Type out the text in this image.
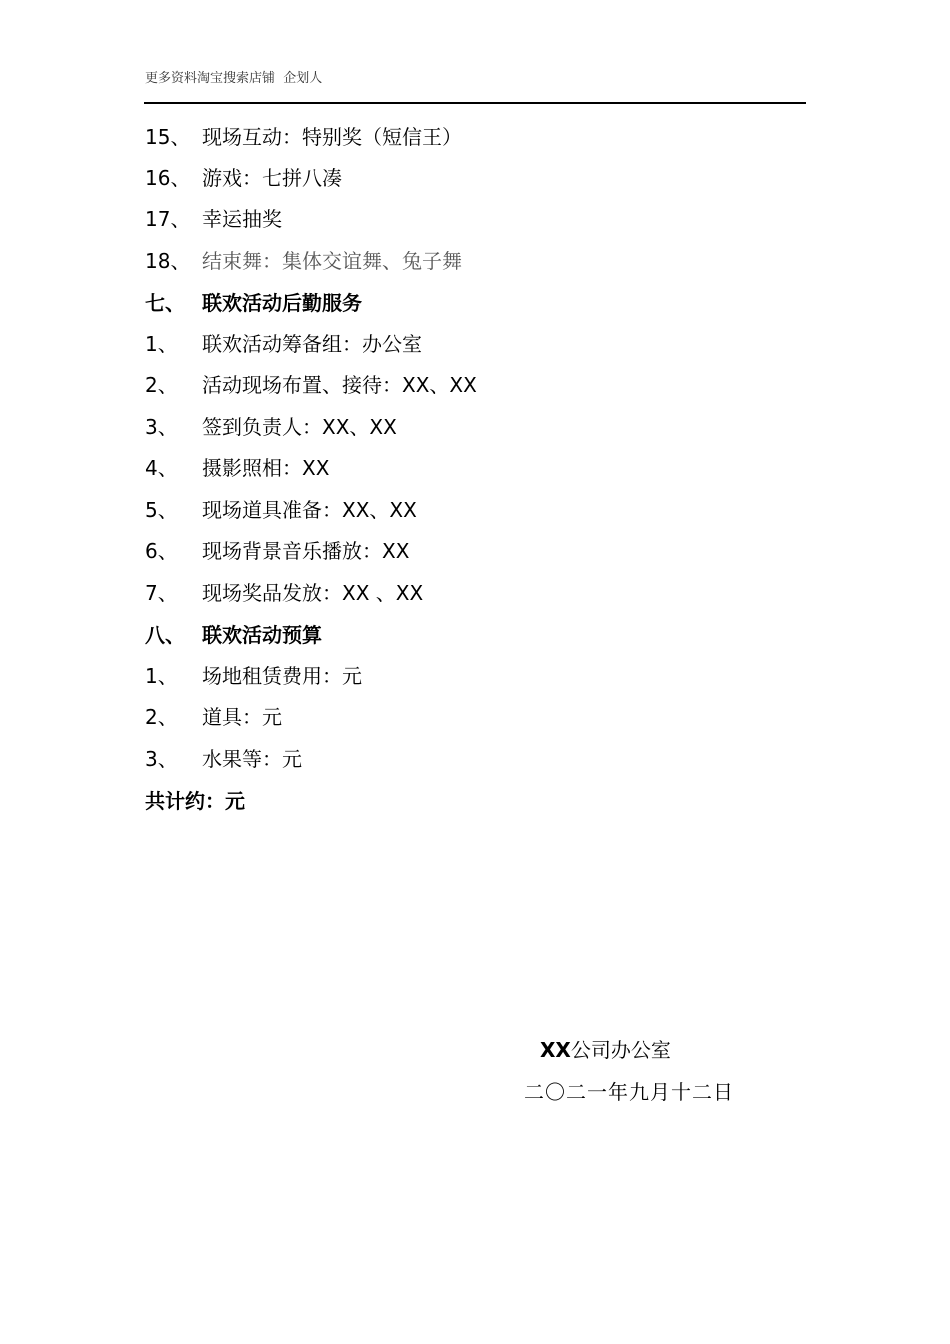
更多资料淘宝搜索店铺  企划人
15、 现场互动：特别奖（短信王）
16、 游戏：七拼八凑
17、 幸运抽奖
18、 结束舞：集体交谊舞、兔子舞
七、 联欢活动后勤服务
1、 联欢活动筹备组：办公室
2、 活动现场布置、接待：XX、XX
3、 签到负责人：XX、XX
4、 摄影照相：XX
5、 现场道具准备：XX、XX
6、 现场背景音乐播放：XX
7、 现场奖品发放：XX 、XX
八、 联欢活动预算
1、 场地租赁费用：元
2、 道具：元
3、 水果等：元
共计约：元
XX公司办公室
二〇二一年九月十二日
